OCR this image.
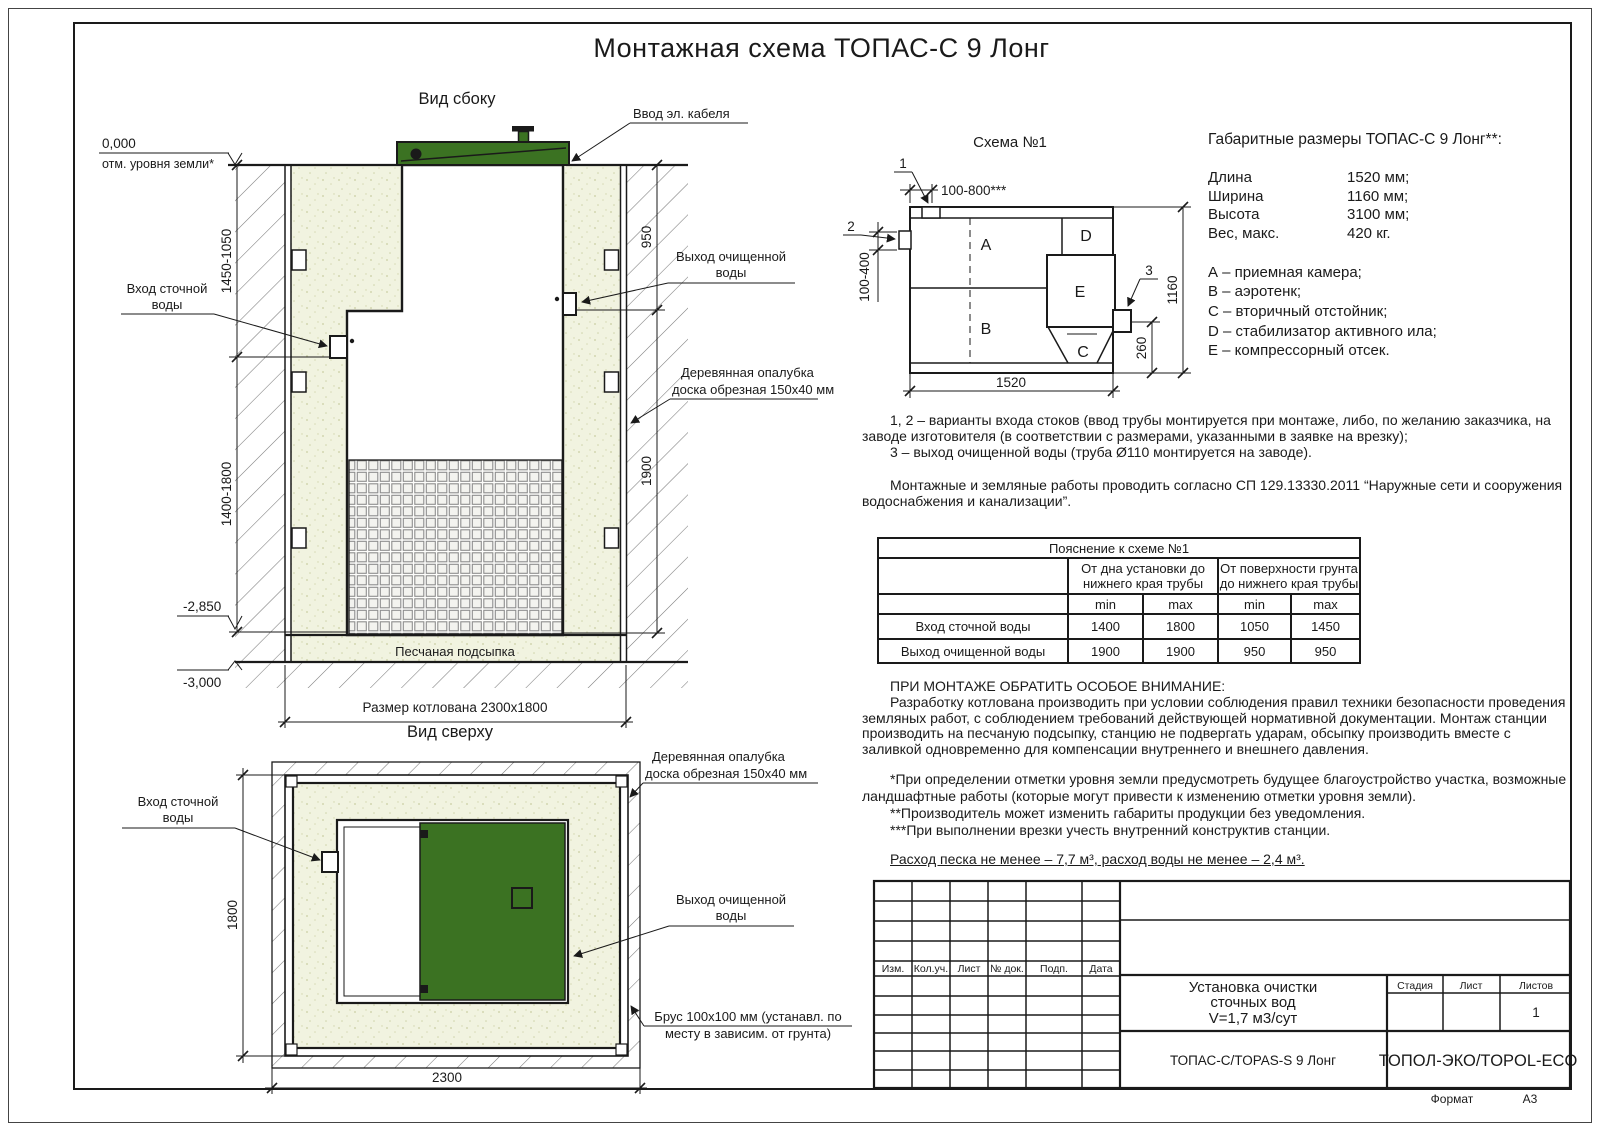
Монтажная схема ТОПАС-С 9 Лонг
Вид сбоку
Песчаная подсыпка
0,000
отм. уровня земли*
-2,850
-3,000
1450-1050
1400-1800
950
1900
Размер котлована 2300х1800
Ввод эл. кабеля
Вход сточной
воды
Выход очищенной
воды
Деревянная опалубка
доска обрезная 150х40 мм
Вид сверху
1800
2300
Вход сточной
воды
Деревянная опалубка
доска обрезная 150х40 мм
Выход очищенной
воды
Брус 100х100 мм (устанавл. по
месту в зависим. от грунта)
Схема №1
A
B
C
D
E
1
2
3
100-800***
100-400	1160
260
1520
Изм. Кол.уч. Лист № док. Подп. Дата
Установка очистки
сточных вод
V=1,7 м3/сут
ТОПАС-С/TOPAS-S 9 Лонг
Стадия	Лист	Листов
1
ТОПОЛ-ЭКО/TOPOL-ECO
Формат	А3
Габаритные размеры ТОПАС-С 9 Лонг**:
Длина	1520 мм;
Ширина	1160 мм;
Высота	3100 мм;
Вес, макс.	420 кг.
А – приемная камера;
В – аэротенк;
С – вторичный отстойник;
D – стабилизатор активного ила;
Е – компрессорный отсек.
1, 2 – варианты входа стоков (ввод трубы монтируется при монтаже, либо, по желанию заказчика, на заводе изготовителя (в соответствии с размерами, указанными в заявке на врезку);
3 – выход очищенной воды (труба Ø110 монтируется на заводе).
Монтажные и земляные работы проводить согласно СП 129.13330.2011 “Наружные сети и сооружения водоснабжения и канализации”.
Пояснение к схеме №1				
	От дна установки до
нижнего края трубы		От поверхности грунта
до нижнего края трубы	
	min	max	min	max
Вход сточной воды	1400	1800	1050	1450
Выход очищенной воды	1900	1900	950	950
ПРИ МОНТАЖЕ ОБРАТИТЬ ОСОБОЕ ВНИМАНИЕ:
Разработку котлована производить при условии соблюдения правил техники безопасности проведения земляных работ, с соблюдением требований действующей нормативной документации. Монтаж станции производить на песчаную подсыпку, станцию не подвергать ударам, обсыпку производить вместе с заливкой одновременно для компенсации внутреннего и внешнего давления.
*При определении отметки уровня земли предусмотреть будущее благоустройство участка, возможные ландшафтные работы (которые могут привести к изменению отметки уровня земли).
**Производитель может изменить габариты продукции без уведомления.
***При выполнении врезки учесть внутренний конструктив станции.
Расход песка не менее – 7,7 м³, расход воды не менее – 2,4 м³.
